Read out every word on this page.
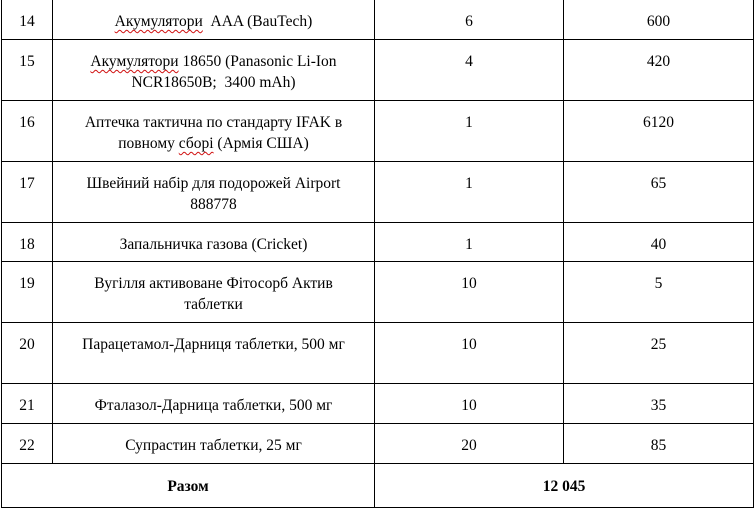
14	Акумулятори  AAA (BauTech)	6	600
15	Акумулятори 18650 (Panasonic Li-Ion NCR18650B;  3400 mAh)	4	420
16	Аптечка тактична по стандарту IFAK в повному сборі (Армія США)	1	6120
17	Швейний набір для подорожей Airport 888778	1	65
18	Запальничка газова (Cricket)	1	40
19	Вугілля активоване Фітосорб Актив таблетки	10	5
20	Парацетамол-Дарниця таблетки, 500 мг	10	25
21	Фталазол-Дарница таблетки, 500 мг	10	35
22	Супрастин таблетки, 25 мг	20	85
Разом		12 045	
